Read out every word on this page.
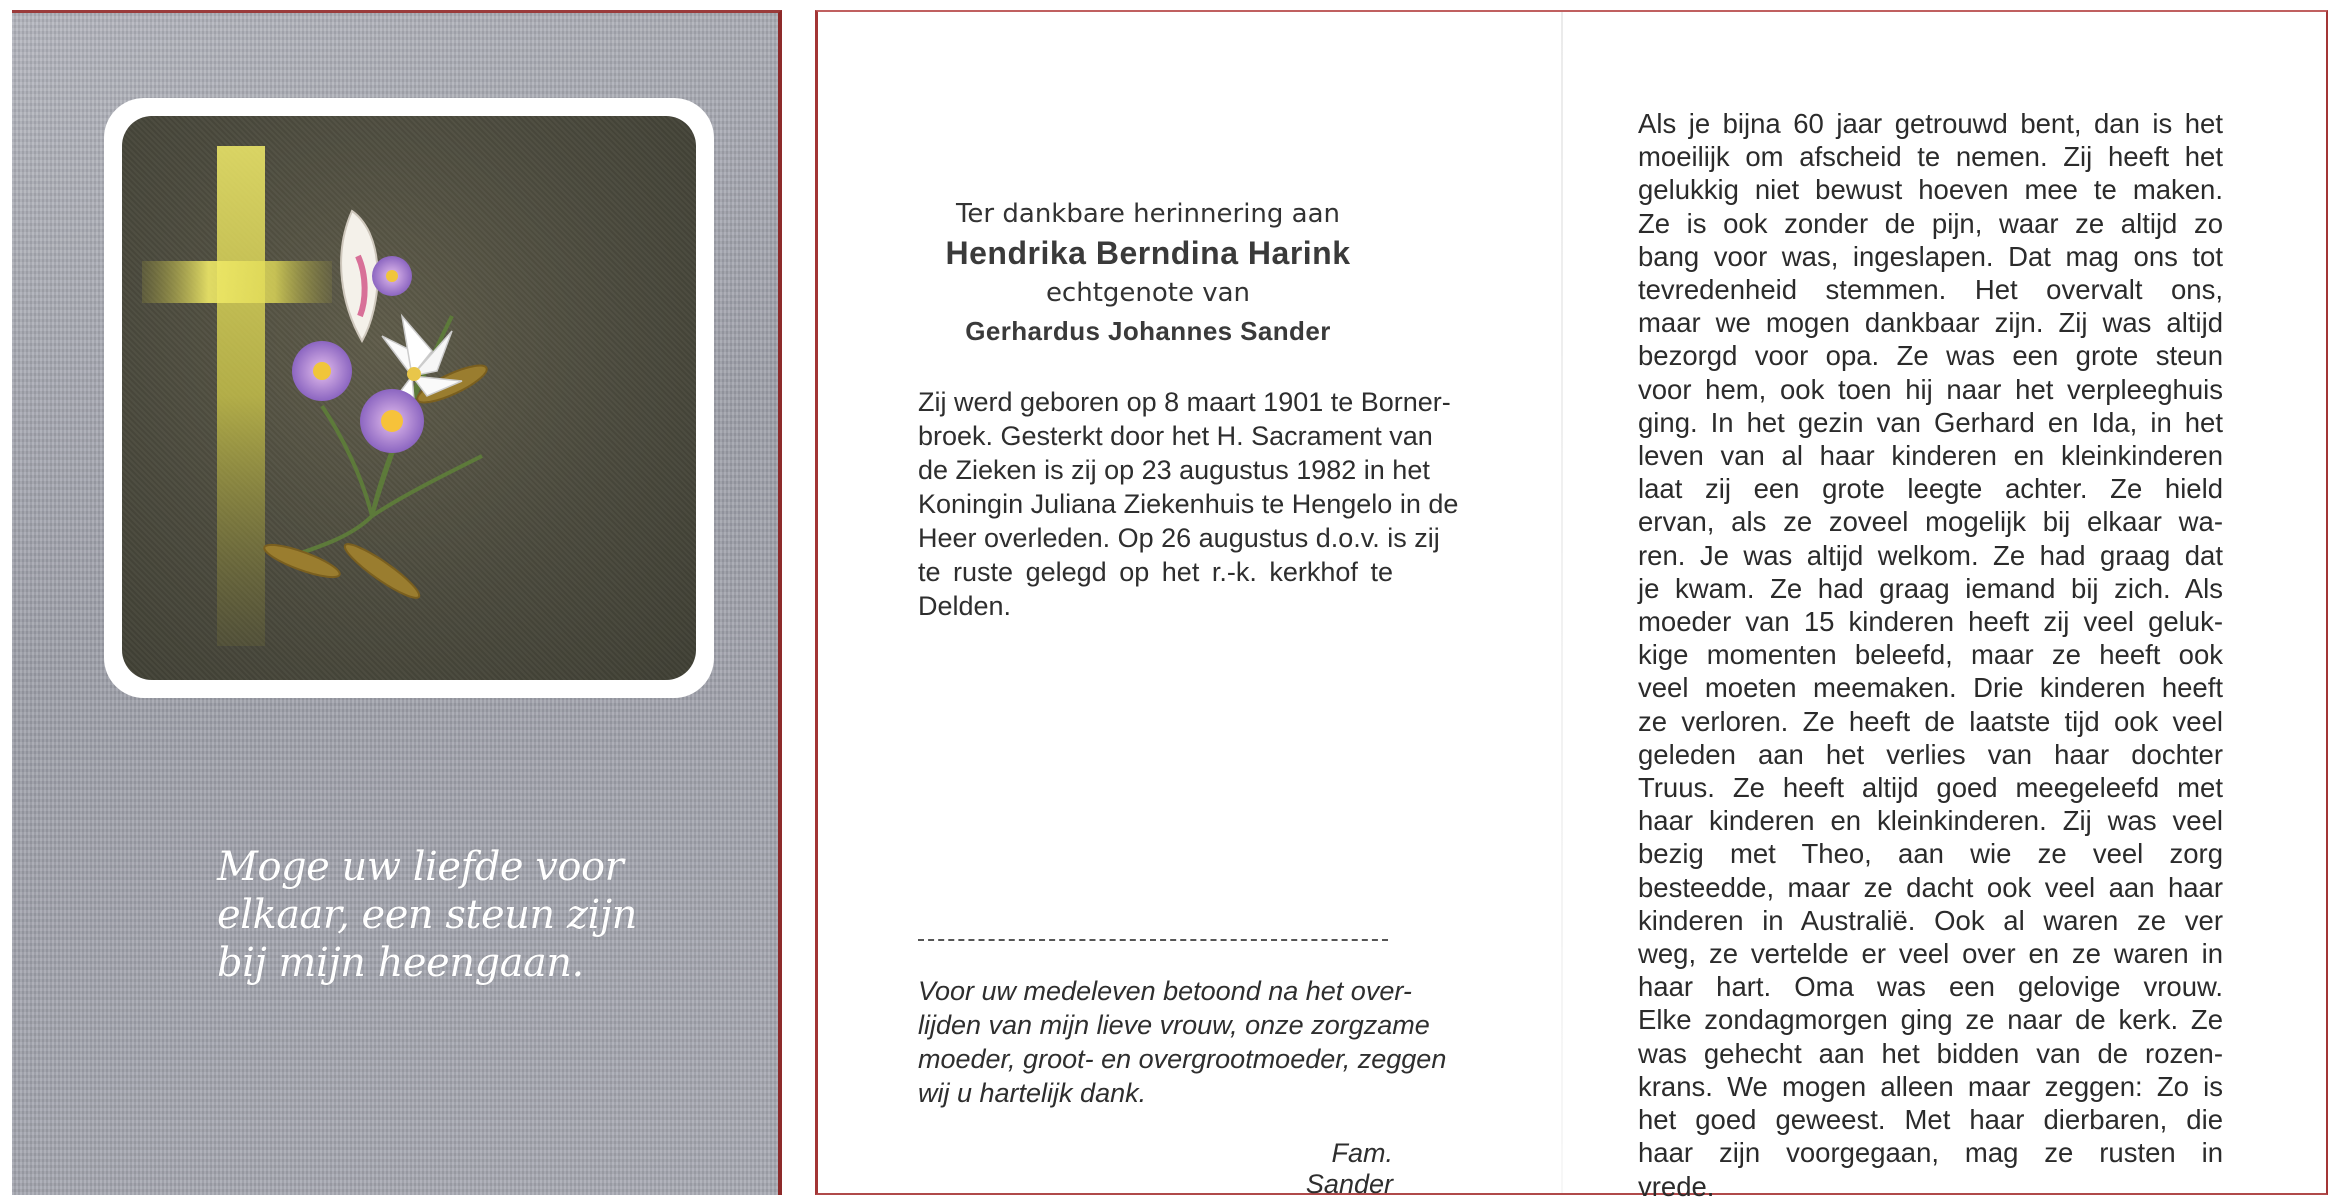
Moge uw liefde voor
elkaar, een steun zijn
bij mijn heengaan.
Ter dankbare herinnering aan
Hendrika Berndina Harink
echtgenote van
Gerhardus Johannes Sander
Zij werd geboren op 8 maart 1901 te Borner-
broek. Gesterkt door het H. Sacrament van
de Zieken is zij op 23 augustus 1982 in het
Koningin Juliana Ziekenhuis te Hengelo in de
Heer overleden. Op 26 augustus d.o.v. is zij
te ruste gelegd op het r.-k. kerkhof te
Delden.
Voor uw medeleven betoond na het over-
lijden van mijn lieve vrouw, onze zorgzame
moeder, groot- en overgrootmoeder, zeggen
wij u hartelijk dank.
Fam. Sander
Als je bijna 60 jaar getrouwd bent, dan is het
moeilijk om afscheid te nemen. Zij heeft het
gelukkig niet bewust hoeven mee te maken.
Ze is ook zonder de pijn, waar ze altijd zo
bang voor was, ingeslapen. Dat mag ons tot
tevredenheid stemmen. Het overvalt ons,
maar we mogen dankbaar zijn. Zij was altijd
bezorgd voor opa. Ze was een grote steun
voor hem, ook toen hij naar het verpleeghuis
ging. In het gezin van Gerhard en Ida, in het
leven van al haar kinderen en kleinkinderen
laat zij een grote leegte achter. Ze hield
ervan, als ze zoveel mogelijk bij elkaar wa-
ren. Je was altijd welkom. Ze had graag dat
je kwam. Ze had graag iemand bij zich. Als
moeder van 15 kinderen heeft zij veel geluk-
kige momenten beleefd, maar ze heeft ook
veel moeten meemaken. Drie kinderen heeft
ze verloren. Ze heeft de laatste tijd ook veel
geleden aan het verlies van haar dochter
Truus. Ze heeft altijd goed meegeleefd met
haar kinderen en kleinkinderen. Zij was veel
bezig met Theo, aan wie ze veel zorg
besteedde, maar ze dacht ook veel aan haar
kinderen in Australië. Ook al waren ze ver
weg, ze vertelde er veel over en ze waren in
haar hart. Oma was een gelovige vrouw.
Elke zondagmorgen ging ze naar de kerk. Ze
was gehecht aan het bidden van de rozen-
krans. We mogen alleen maar zeggen: Zo is
het goed geweest. Met haar dierbaren, die
haar zijn voorgegaan, mag ze rusten in
vrede.
